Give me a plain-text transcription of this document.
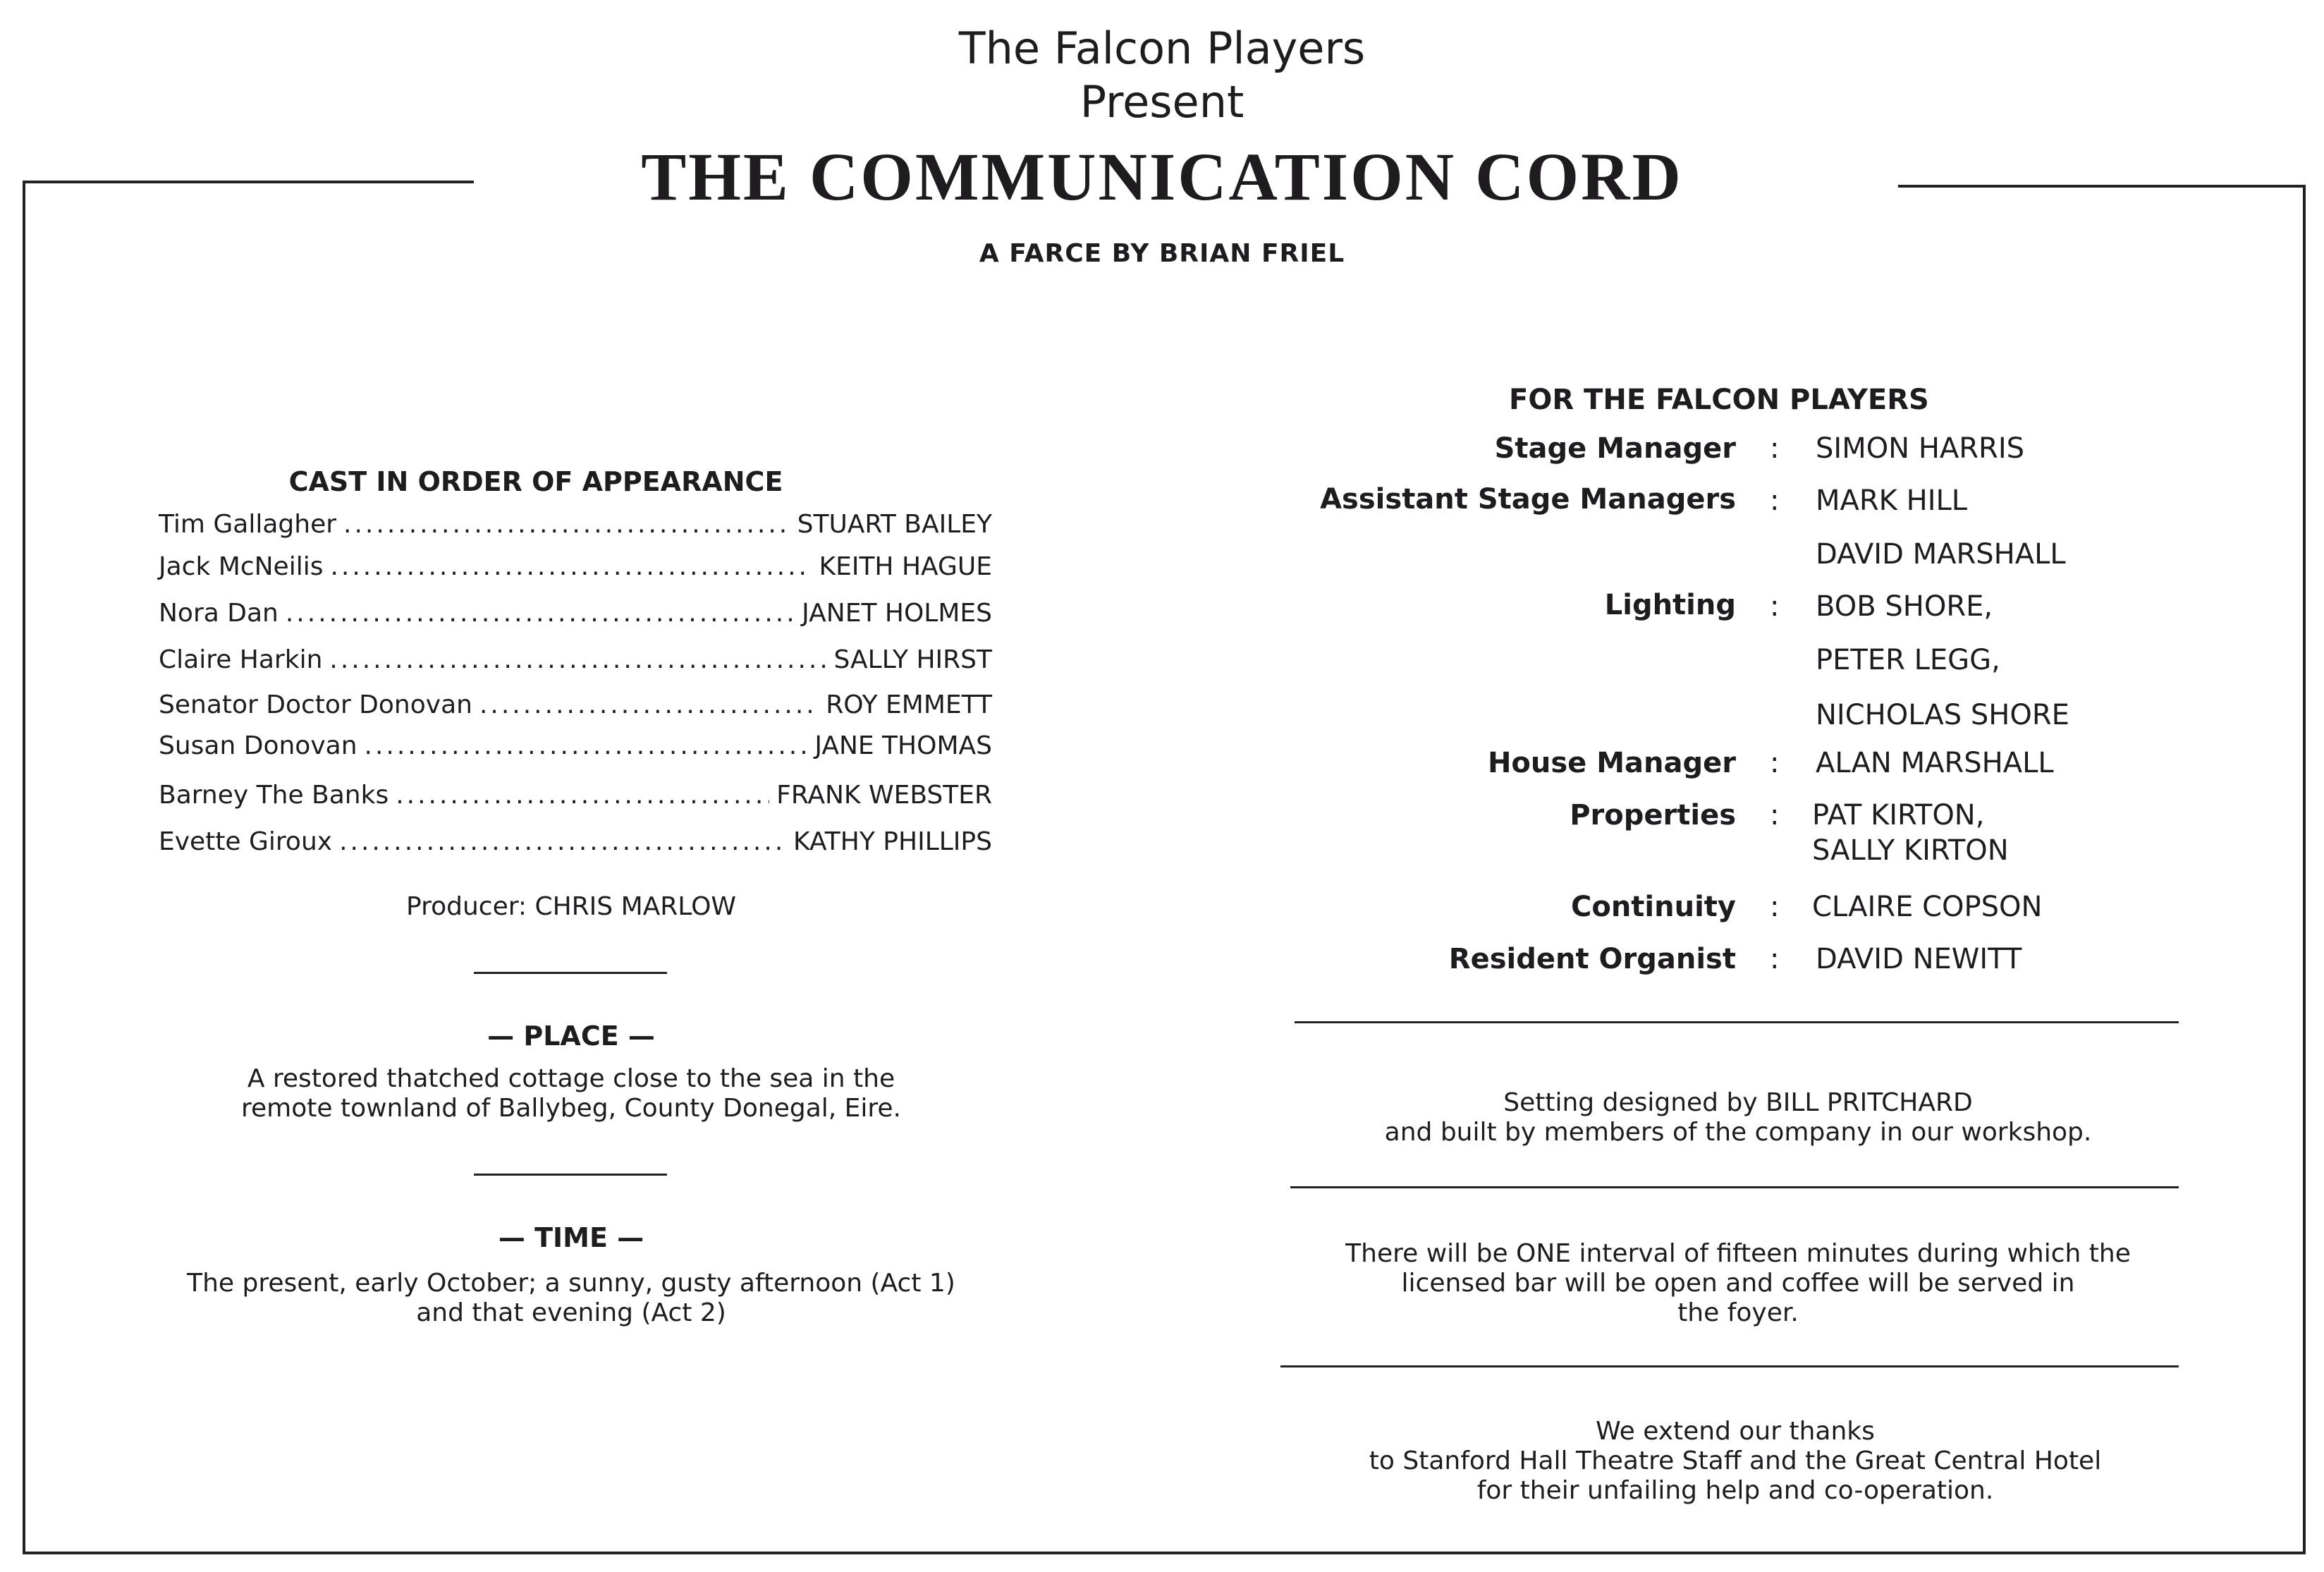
The Falcon Players
Present
THE COMMUNICATION CORD
A FARCE BY BRIAN FRIEL
CAST IN ORDER OF APPEARANCE
Tim Gallagher .....	STUART BAILEY
Jack McNeilis .....	KEITH HAGUE
Nora Dan .....	JANET HOLMES
Claire Harkin .....	SALLY HIRST
Senator Doctor Donovan .....	ROY EMMETT
Susan Donovan .....	JANE THOMAS
Barney The Banks .....	FRANK WEBSTER
Evette Giroux .....	KATHY PHILLIPS
Producer: CHRIS MARLOW
— PLACE —
A restored thatched cottage close to the sea in the
remote townland of Ballybeg, County Donegal, Eire.
— TIME —
The present, early October; a sunny, gusty afternoon (Act 1)
and that evening (Act 2)
FOR THE FALCON PLAYERS
Stage Manager : SIMON HARRIS
Assistant Stage Managers : MARK HILL
DAVID MARSHALL
Lighting : BOB SHORE,
PETER LEGG,
NICHOLAS SHORE
House Manager : ALAN MARSHALL
Properties : PAT KIRTON,
SALLY KIRTON
Continuity : CLAIRE COPSON
Resident Organist : DAVID NEWITT
Setting designed by BILL PRITCHARD
and built by members of the company in our workshop.
There will be ONE interval of fifteen minutes during which the
licensed bar will be open and coffee will be served in
the foyer.
We extend our thanks
to Stanford Hall Theatre Staff and the Great Central Hotel
for their unfailing help and co-operation.
